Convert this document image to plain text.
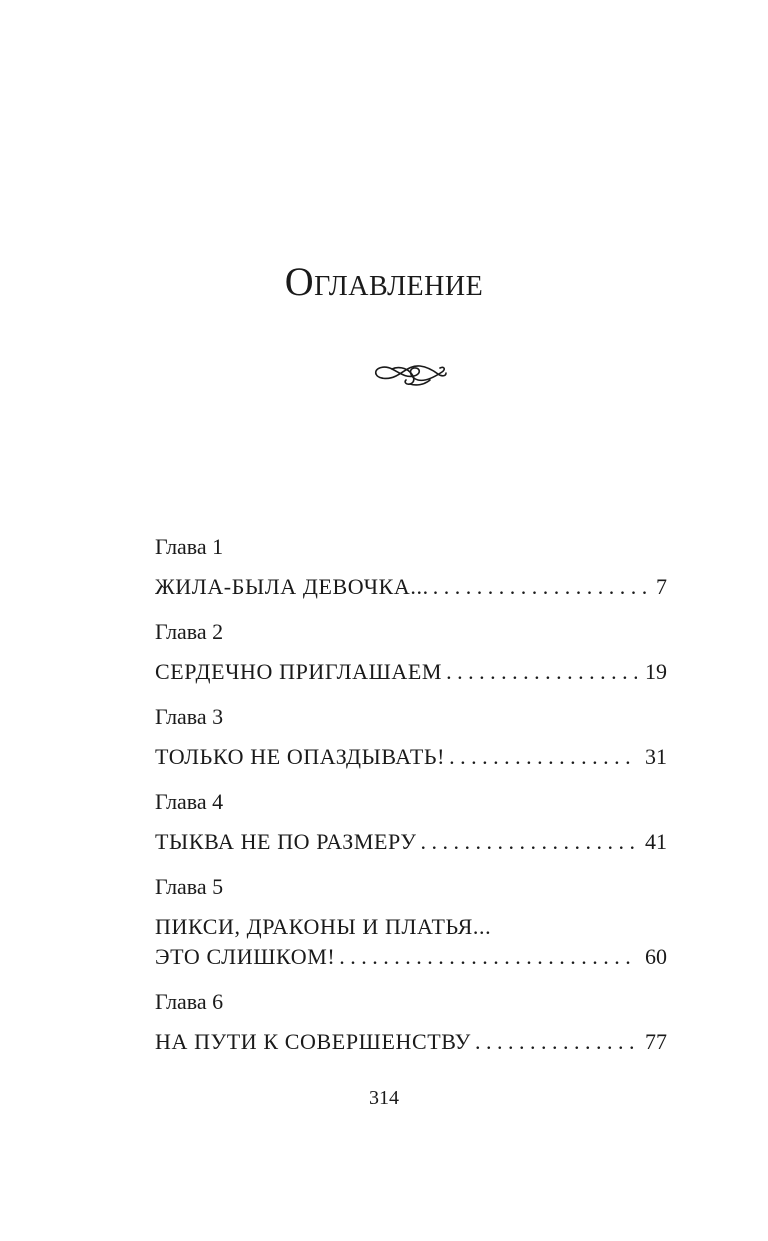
Оглавление
Глава 1
ЖИЛА-БЫЛА ДЕВОЧКА... . . .	7
Глава 2
СЕРДЕЧНО ПРИГЛАШАЕМ . . .	19
Глава 3
ТОЛЬКО НЕ ОПАЗДЫВАТЬ! . . .	31
Глава 4
ТЫКВА НЕ ПО РАЗМЕРУ . . .	41
Глава 5
ПИКСИ, ДРАКОНЫ И ПЛАТЬЯ...
ЭТО СЛИШКОМ! . . .	60
Глава 6
НА ПУТИ К СОВЕРШЕНСТВУ . . .	77
314
